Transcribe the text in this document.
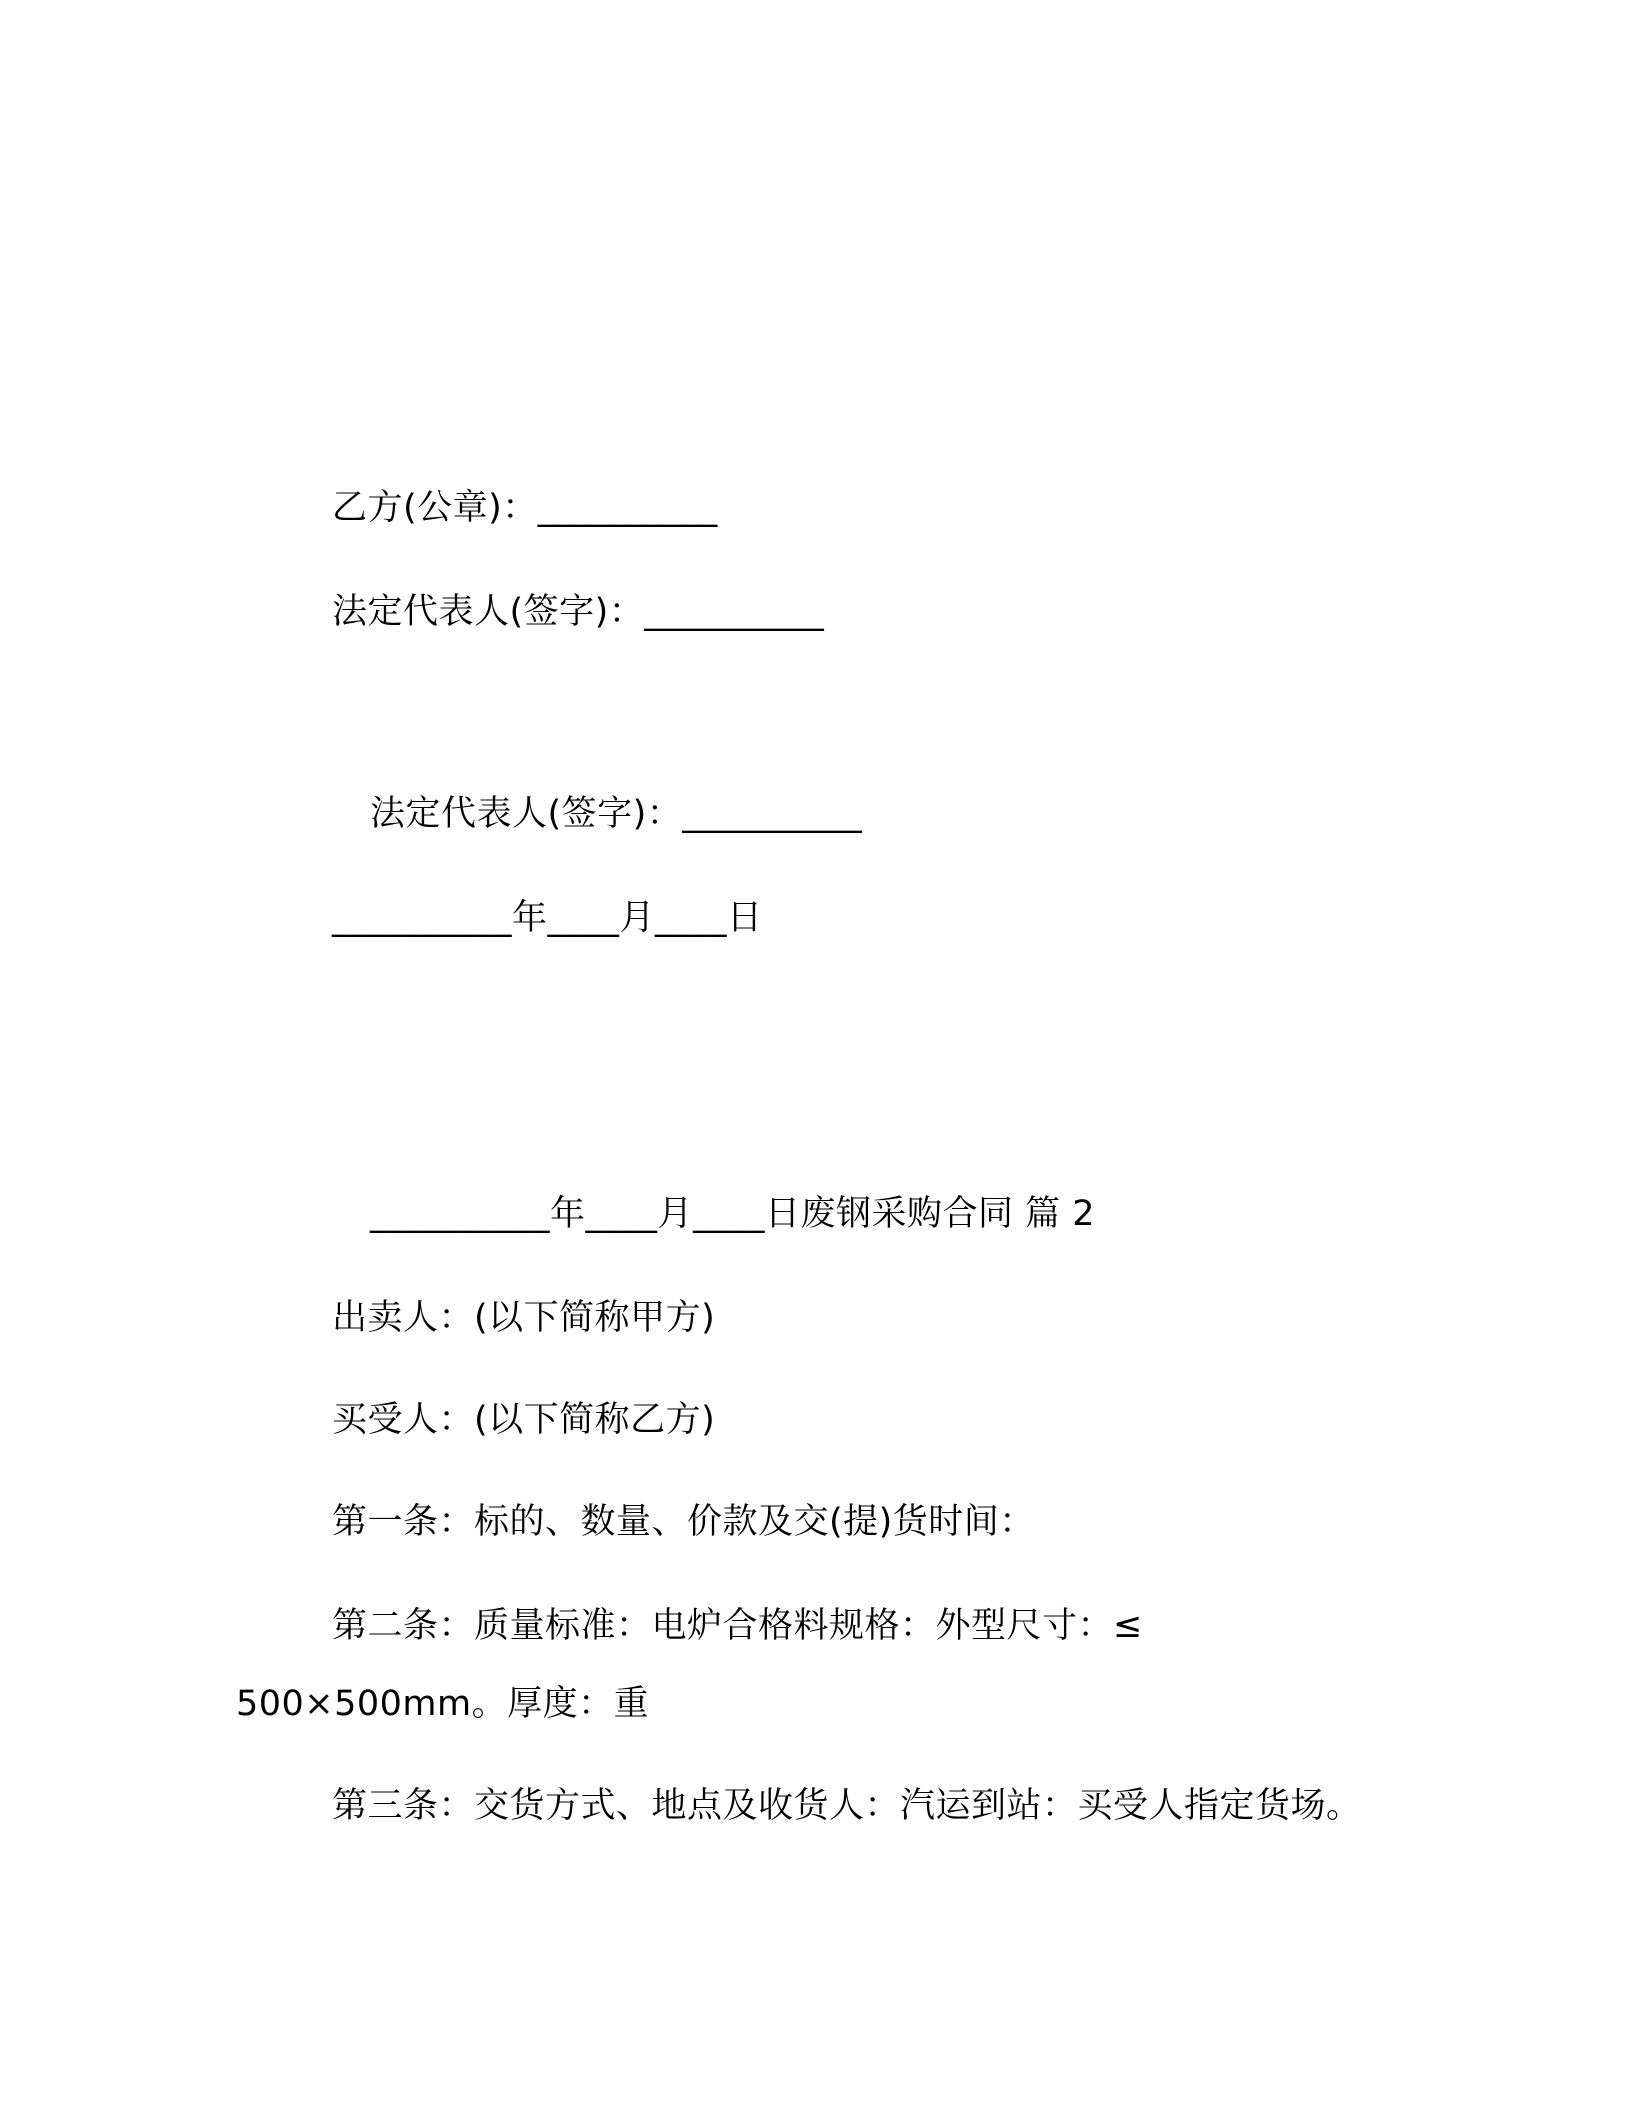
乙方(公章)：__________
法定代表人(签字)：__________
法定代表人(签字)：__________
__________年____月____日
__________年____月____日废钢采购合同 篇 2
出卖人：(以下简称甲方)
买受人：(以下简称乙方)
第一条：标的、数量、价款及交(提)货时间：
第二条：质量标准：电炉合格料规格：外型尺寸：≤
500×500mm。厚度：重
第三条：交货方式、地点及收货人：汽运到站：买受人指定货场。
